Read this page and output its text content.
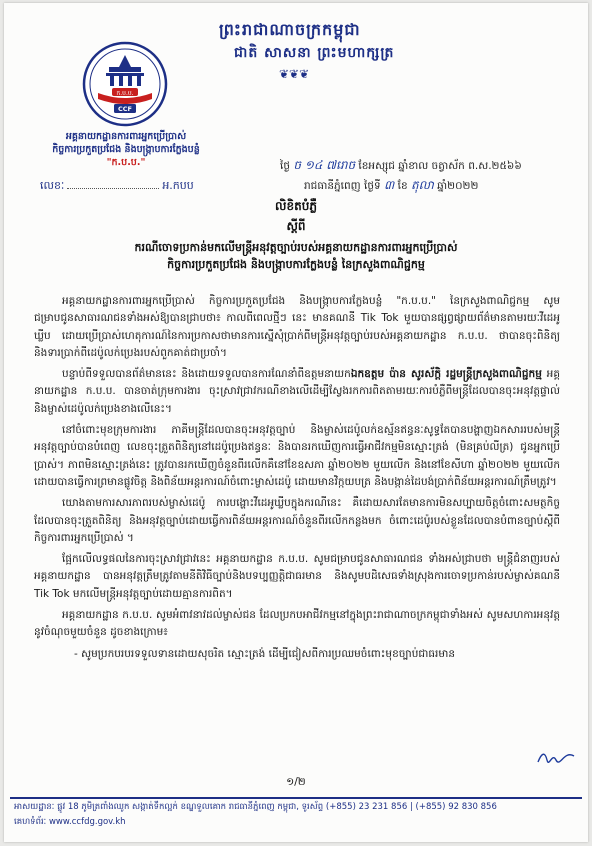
ក.ប.ប.
CCF
ព្រះរាជាណាចក្រកម្ពុជា
ជាតិ សាសនា ព្រះមហាក្សត្រ
❦❦❦
អគ្គនាយកដ្ឋានការពារអ្នកប្រើប្រាស់
កិច្ចការប្រកួតប្រជែង និងបង្ក្រាបការក្លែងបន្លំ
"ក.ប.ប."
លេខៈ	អ.កបប
ថ្ងៃ ច ១៤ ៧រោច ខែអស្សុជ ឆ្នាំខាល ចត្វាស័ក ព.ស.២៥៦៦
រាជធានីភ្នំពេញ ថ្ងៃទី ៣ ខែ តុលា ឆ្នាំ២០២២
លិខិតបំភ្លឺ
ស្តីពី
ករណីចោទប្រកាន់មកលើមន្ត្រីអនុវត្តច្បាប់របស់អគ្គនាយកដ្ឋានការពារអ្នកប្រើប្រាស់
កិច្ចការប្រកួតប្រជែង និងបង្ក្រាបការក្លែងបន្លំ នៃក្រសួងពាណិជ្ជកម្ម

អគ្គនាយកដ្ឋានការពារអ្នកប្រើប្រាស់ កិច្ចការប្រកួតប្រជែង និងបង្ក្រាបការក្លែងបន្លំ "ក.ប.ប." នៃក្រសួងពាណិជ្ជកម្ម សូមជម្រាបជូនសាធារណជនទាំងអស់ឱ្យបានជ្រាបថា៖ កាលពីពេលថ្មីៗ នេះ មានគណនី Tik Tok មួយបានផ្សព្វផ្សាយព័ត៌មានតាមរយៈវីដេអូឃ្លីប ដោយប្រើប្រាស់ហេតុការណ៍នៃការប្រកាសថាមានការស្នើសុំប្រាក់ពីមន្ត្រីអនុវត្តច្បាប់របស់អគ្គនាយកដ្ឋាន ក.ប.ប. ថាបានចុះពិនិត្យ និងទារប្រាក់ពីដេប៉ូលក់ប្រេងរបស់ពួកគាត់ជាប្រចាំ។

បន្ទាប់ពីទទួលបានព័ត៌មាននេះ និងដោយទទួលបានការណែនាំពីឧត្តមនាយកឯកឧត្តម ប៉ាន សូរស័ក្តិ រដ្ឋមន្ត្រីក្រសួងពាណិជ្ជកម្ម អគ្គនាយកដ្ឋាន ក.ប.ប. បានចាត់ក្រុមការងារ ចុះស្រាវជ្រាវករណីខាងលើដើម្បីស្វែងរកការពិតតាមរយៈការបំភ្លឺពីមន្ត្រីដែលបានចុះអនុវត្តផ្ទាល់ និងម្ចាស់ដេប៉ូលក់ប្រេងខាងលើនេះ។

នៅចំពោះមុខក្រុមការងារ ភាគីមន្ត្រីដែលបានចុះអនុវត្តច្បាប់ និងម្ចាស់ដេប៉ូលក់ឧស្ម័នឥន្ធនៈសូទ្ធតែបានបង្ហាញឯកសាររបស់មន្ត្រីអនុវត្តច្បាប់បានបំពេញ លេខចុះត្រួតពិនិត្យនៅដេប៉ូប្រេងឥន្ធនៈ និងបានរកឃើញការធ្វើអាជីវកម្មមិនស្មោះត្រង់ (មិនគ្រប់លីត្រ) ជូនអ្នកប្រើប្រាស់។ ភាពមិនស្មោះត្រង់នេះ ត្រូវបានរកឃើញចំនួនពីរលើកគឺនៅខែឧសភា ឆ្នាំ២០២២ មួយលើក និងនៅខែសីហា ឆ្នាំ២០២២ មួយលើក ដោយបានធ្វើការព្រមានផ្លូវចិត្ត និងពិន័យអន្តរការណ៍ចំពោះម្ចាស់ដេប៉ូ ដោយមានវិក្កយបត្រ និងបង្កាន់ដៃបង់ប្រាក់ពិន័យអន្តរការណ៍ត្រឹមត្រូវ។

យោងតាមការសារភាពរបស់ម្ចាស់ដេប៉ូ ការបង្ហោះវីដេអូឃ្លីបក្នុងករណីនេះ គឺដោយសារតែមានការមិនសប្បាយចិត្តចំពោះសមត្ថកិច្ច ដែលបានចុះត្រួតពិនិត្យ និងអនុវត្តច្បាប់ដោយធ្វើការពិន័យអន្តរការណ៍ចំនួនពីរលើកកន្លងមក ចំពោះដេប៉ូរបស់ខ្លួនដែលបានបំពានច្បាប់ស្តីពីកិច្ចការពារអ្នកប្រើប្រាស់ ។

ផ្អែកលើលទ្ធផលនៃការចុះស្រាវជ្រាវនេះ អគ្គនាយកដ្ឋាន ក.ប.ប. សូមជម្រាបជូនសាធារណជន ទាំងអស់ជ្រាបថា មន្ត្រីជំនាញរបស់អគ្គនាយកដ្ឋាន បានអនុវត្តត្រឹមត្រូវតាមនីតិវិធីច្បាប់និងបទប្បញ្ញត្តិជាធរមាន និងសូមបដិសេធទាំងស្រុងការចោទប្រកាន់របស់ម្ចាស់គណនី Tik Tok មកលើមន្ត្រីអនុវត្តច្បាប់ដោយគ្មានការពិត។

អគ្គនាយកដ្ឋាន ក.ប.ប. សូមអំពាវនាវដល់ម្ចាស់ជន ដែលប្រកបអាជីវកម្មនៅក្នុងព្រះរាជាណាចក្រកម្ពុជាទាំងអស់ សូមសហការអនុវត្តនូវចំណុចមួយចំនួន ដូចខាងក្រោម៖

- សូមប្រកបរបរទទួលទានដោយសុចរិត ស្មោះត្រង់ ដើម្បីជៀសពីការប្រឈមចំពោះមុខច្បាប់ជាធរមាន

១/២
អាសយដ្ឋានៈ ផ្លូវ 18 ភូមិត្រពាំងឈូក សង្កាត់ទឹកល្អក់ ខណ្ឌទួលគោក រាជធានីភ្នំពេញ កម្ពុជា, ទូរស័ព្ទ (+855) 23 231 856 | (+855) 92 830 856
គេហទំព័រៈ www.ccfdg.gov.kh
